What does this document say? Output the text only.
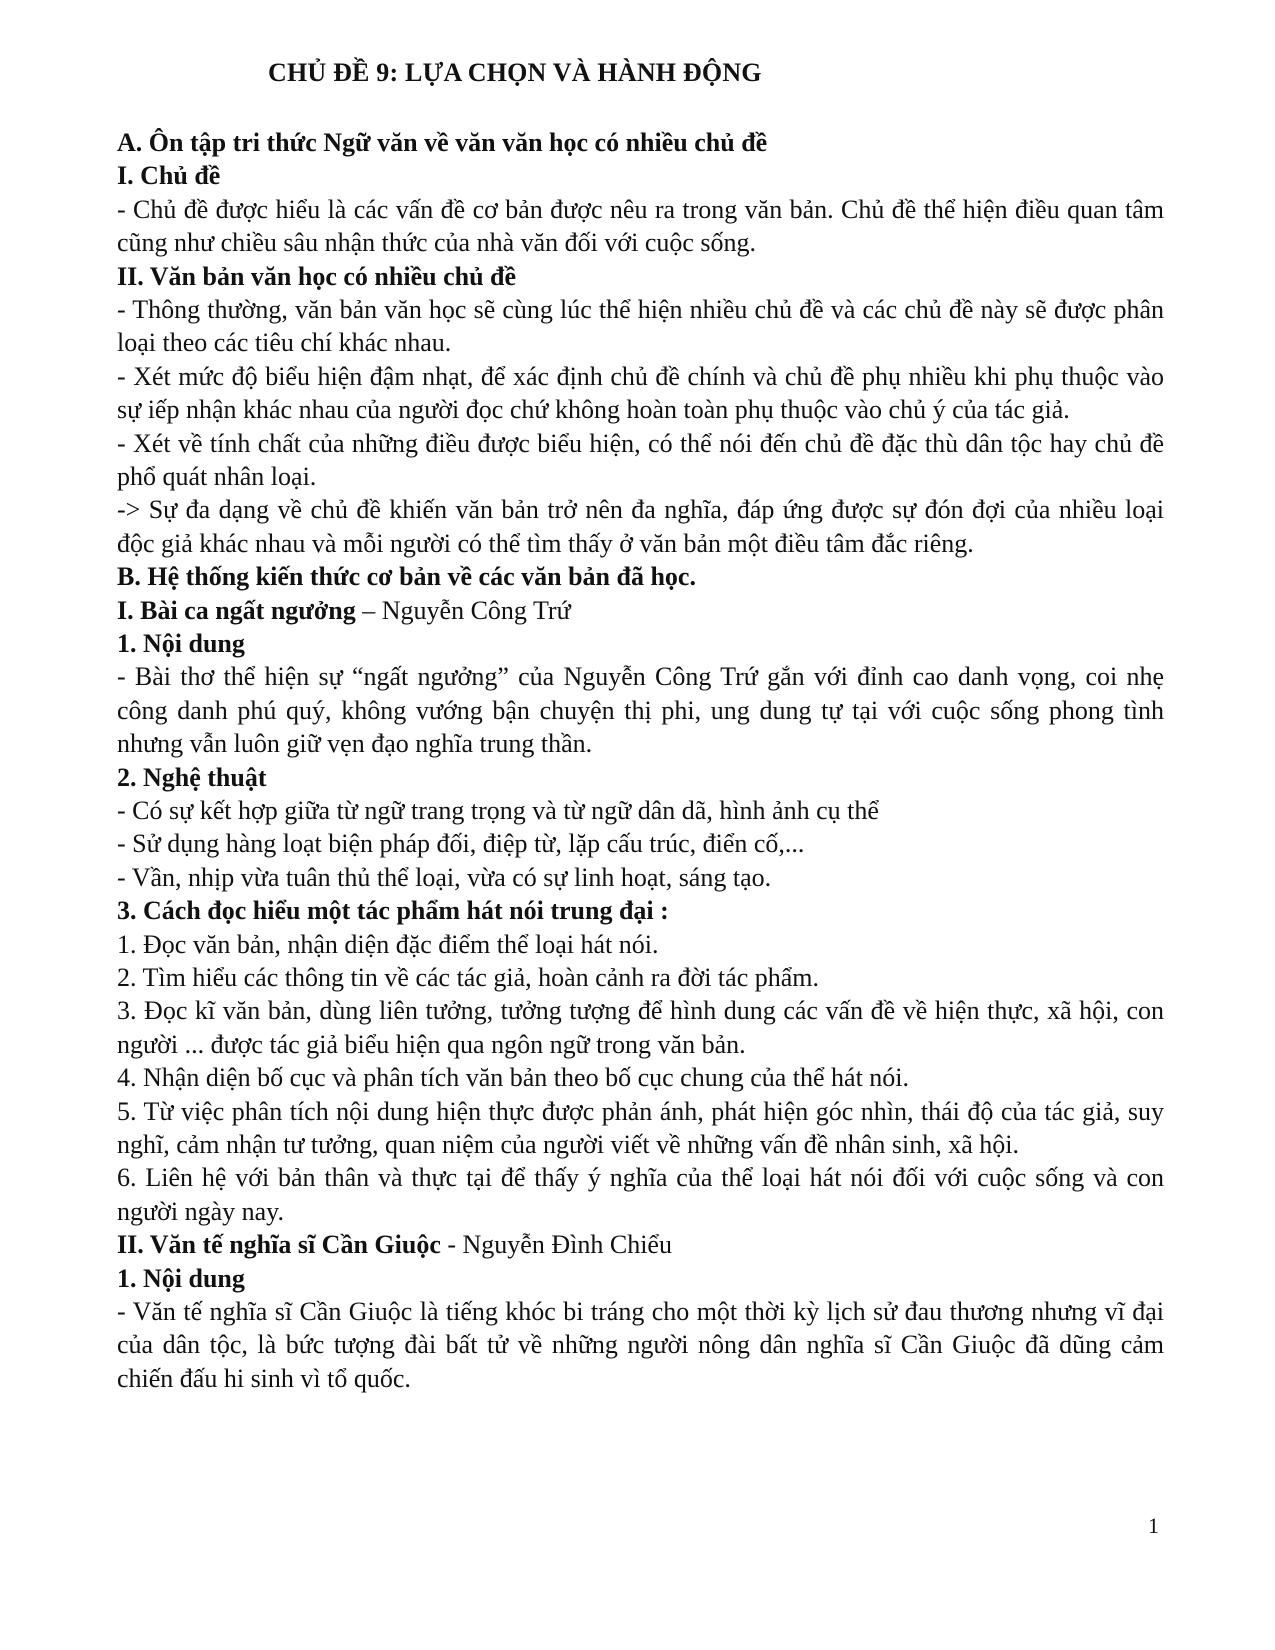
CHỦ ĐỀ 9: LỰA CHỌN VÀ HÀNH ĐỘNG
A. Ôn tập tri thức Ngữ văn về văn văn học có nhiều chủ đề
I. Chủ đề

- Chủ đề được hiểu là các vấn đề cơ bản được nêu ra trong văn bản. Chủ đề thể hiện điều quan tâm cũng như chiều sâu nhận thức của nhà văn đối với cuộc sống.

II. Văn bản văn học có nhiều chủ đề

- Thông thường, văn bản văn học sẽ cùng lúc thể hiện nhiều chủ đề và các chủ đề này sẽ được phân loại theo các tiêu chí khác nhau.

- Xét mức độ biểu hiện đậm nhạt, để xác định chủ đề chính và chủ đề phụ nhiều khi phụ thuộc vào sự iếp nhận khác nhau của người đọc chứ không hoàn toàn phụ thuộc vào chủ ý của tác giả.

- Xét về tính chất của những điều được biểu hiện, có thể nói đến chủ đề đặc thù dân tộc hay chủ đề phổ quát nhân loại.

-> Sự đa dạng về chủ đề khiến văn bản trở nên đa nghĩa, đáp ứng được sự đón đợi của nhiều loại độc giả khác nhau và mỗi người có thể tìm thấy ở văn bản một điều tâm đắc riêng.

B. Hệ thống kiến thức cơ bản về các văn bản đã học.
I. Bài ca ngất ngưởng – Nguyễn Công Trứ
1. Nội dung

- Bài thơ thể hiện sự “ngất ngưởng” của Nguyễn Công Trứ gắn với đỉnh cao danh vọng, coi nhẹ công danh phú quý, không vướng bận chuyện thị phi, ung dung tự tại với cuộc sống phong tình nhưng vẫn luôn giữ vẹn đạo nghĩa trung thần.

2. Nghệ thuật
- Có sự kết hợp giữa từ ngữ trang trọng và từ ngữ dân dã, hình ảnh cụ thể
- Sử dụng hàng loạt biện pháp đối, điệp từ, lặp cấu trúc, điển cố,...
- Vần, nhịp vừa tuân thủ thể loại, vừa có sự linh hoạt, sáng tạo.
3. Cách đọc hiểu một tác phẩm hát nói trung đại :

1. Đọc văn bản, nhận diện đặc điểm thể loại hát nói.

2. Tìm hiểu các thông tin về các tác giả, hoàn cảnh ra đời tác phẩm.

3. Đọc kĩ văn bản, dùng liên tưởng, tưởng tượng để hình dung các vấn đề về hiện thực, xã hội, con người ... được tác giả biểu hiện qua ngôn ngữ trong văn bản.

4. Nhận diện bố cục và phân tích văn bản theo bố cục chung của thể hát nói.

5. Từ việc phân tích nội dung hiện thực được phản ánh, phát hiện góc nhìn, thái độ của tác giả, suy nghĩ, cảm nhận tư tưởng, quan niệm của người viết về những vấn đề nhân sinh, xã hội.

6. Liên hệ với bản thân và thực tại để thấy ý nghĩa của thể loại hát nói đối với cuộc sống và con người ngày nay.

II. Văn tế nghĩa sĩ Cần Giuộc - Nguyễn Đình Chiểu
1. Nội dung

- Văn tế nghĩa sĩ Cần Giuộc là tiếng khóc bi tráng cho một thời kỳ lịch sử đau thương nhưng vĩ đại của dân tộc, là bức tượng đài bất tử về những người nông dân nghĩa sĩ Cần Giuộc đã dũng cảm chiến đấu hi sinh vì tổ quốc.

1
